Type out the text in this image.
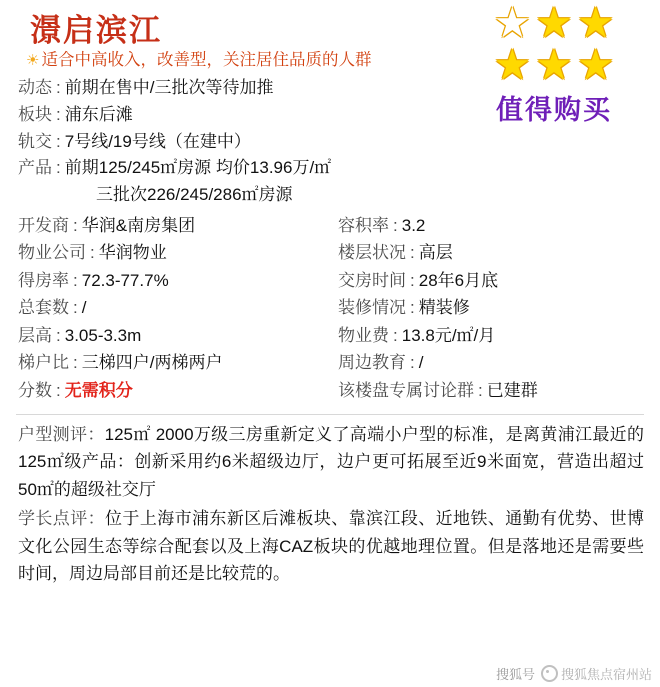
★ ★ ★
★ ★ ★
值得购买
澋启滨江
☀ 适合中高收入，改善型，关注居住品质的人群
动态 : 前期在售中/三批次等待加推
板块 : 浦东后滩
轨交 : 7号线/19号线 （在建中）
产品 : 前期125/245㎡房源 均价13.96万/㎡
三批次226/245/286㎡房源
开发商 : 华润&南房集团	容积率 : 3.2
物业公司 : 华润物业	楼层状况 : 高层
得房率 : 72.3-77.7%	交房时间 : 28年6月底
总套数 : /	装修情况 : 精装修
层高 : 3.05-3.3m	物业费 : 13.8元/㎡/月
梯户比 : 三梯四户/两梯两户	周边教育 : /
分数 : 无需积分	该楼盘专属讨论群 : 已建群
户型测评：125㎡ 2000万级三房重新定义了高端小户型的标准，是离黄浦江最近的125㎡级产品：创新采用约6米超级边厅，边户更可拓展至近9米面宽，营造出超过50㎡的超级社交厅
学长点评：位于上海市浦东新区后滩板块、靠滨江段、近地铁、通勤有优势、世博文化公园生态等综合配套以及上海CAZ板块的优越地理位置。但是落地还是需要些时间，周边局部目前还是比较荒的。
搜狐号 搜狐焦点宿州站
